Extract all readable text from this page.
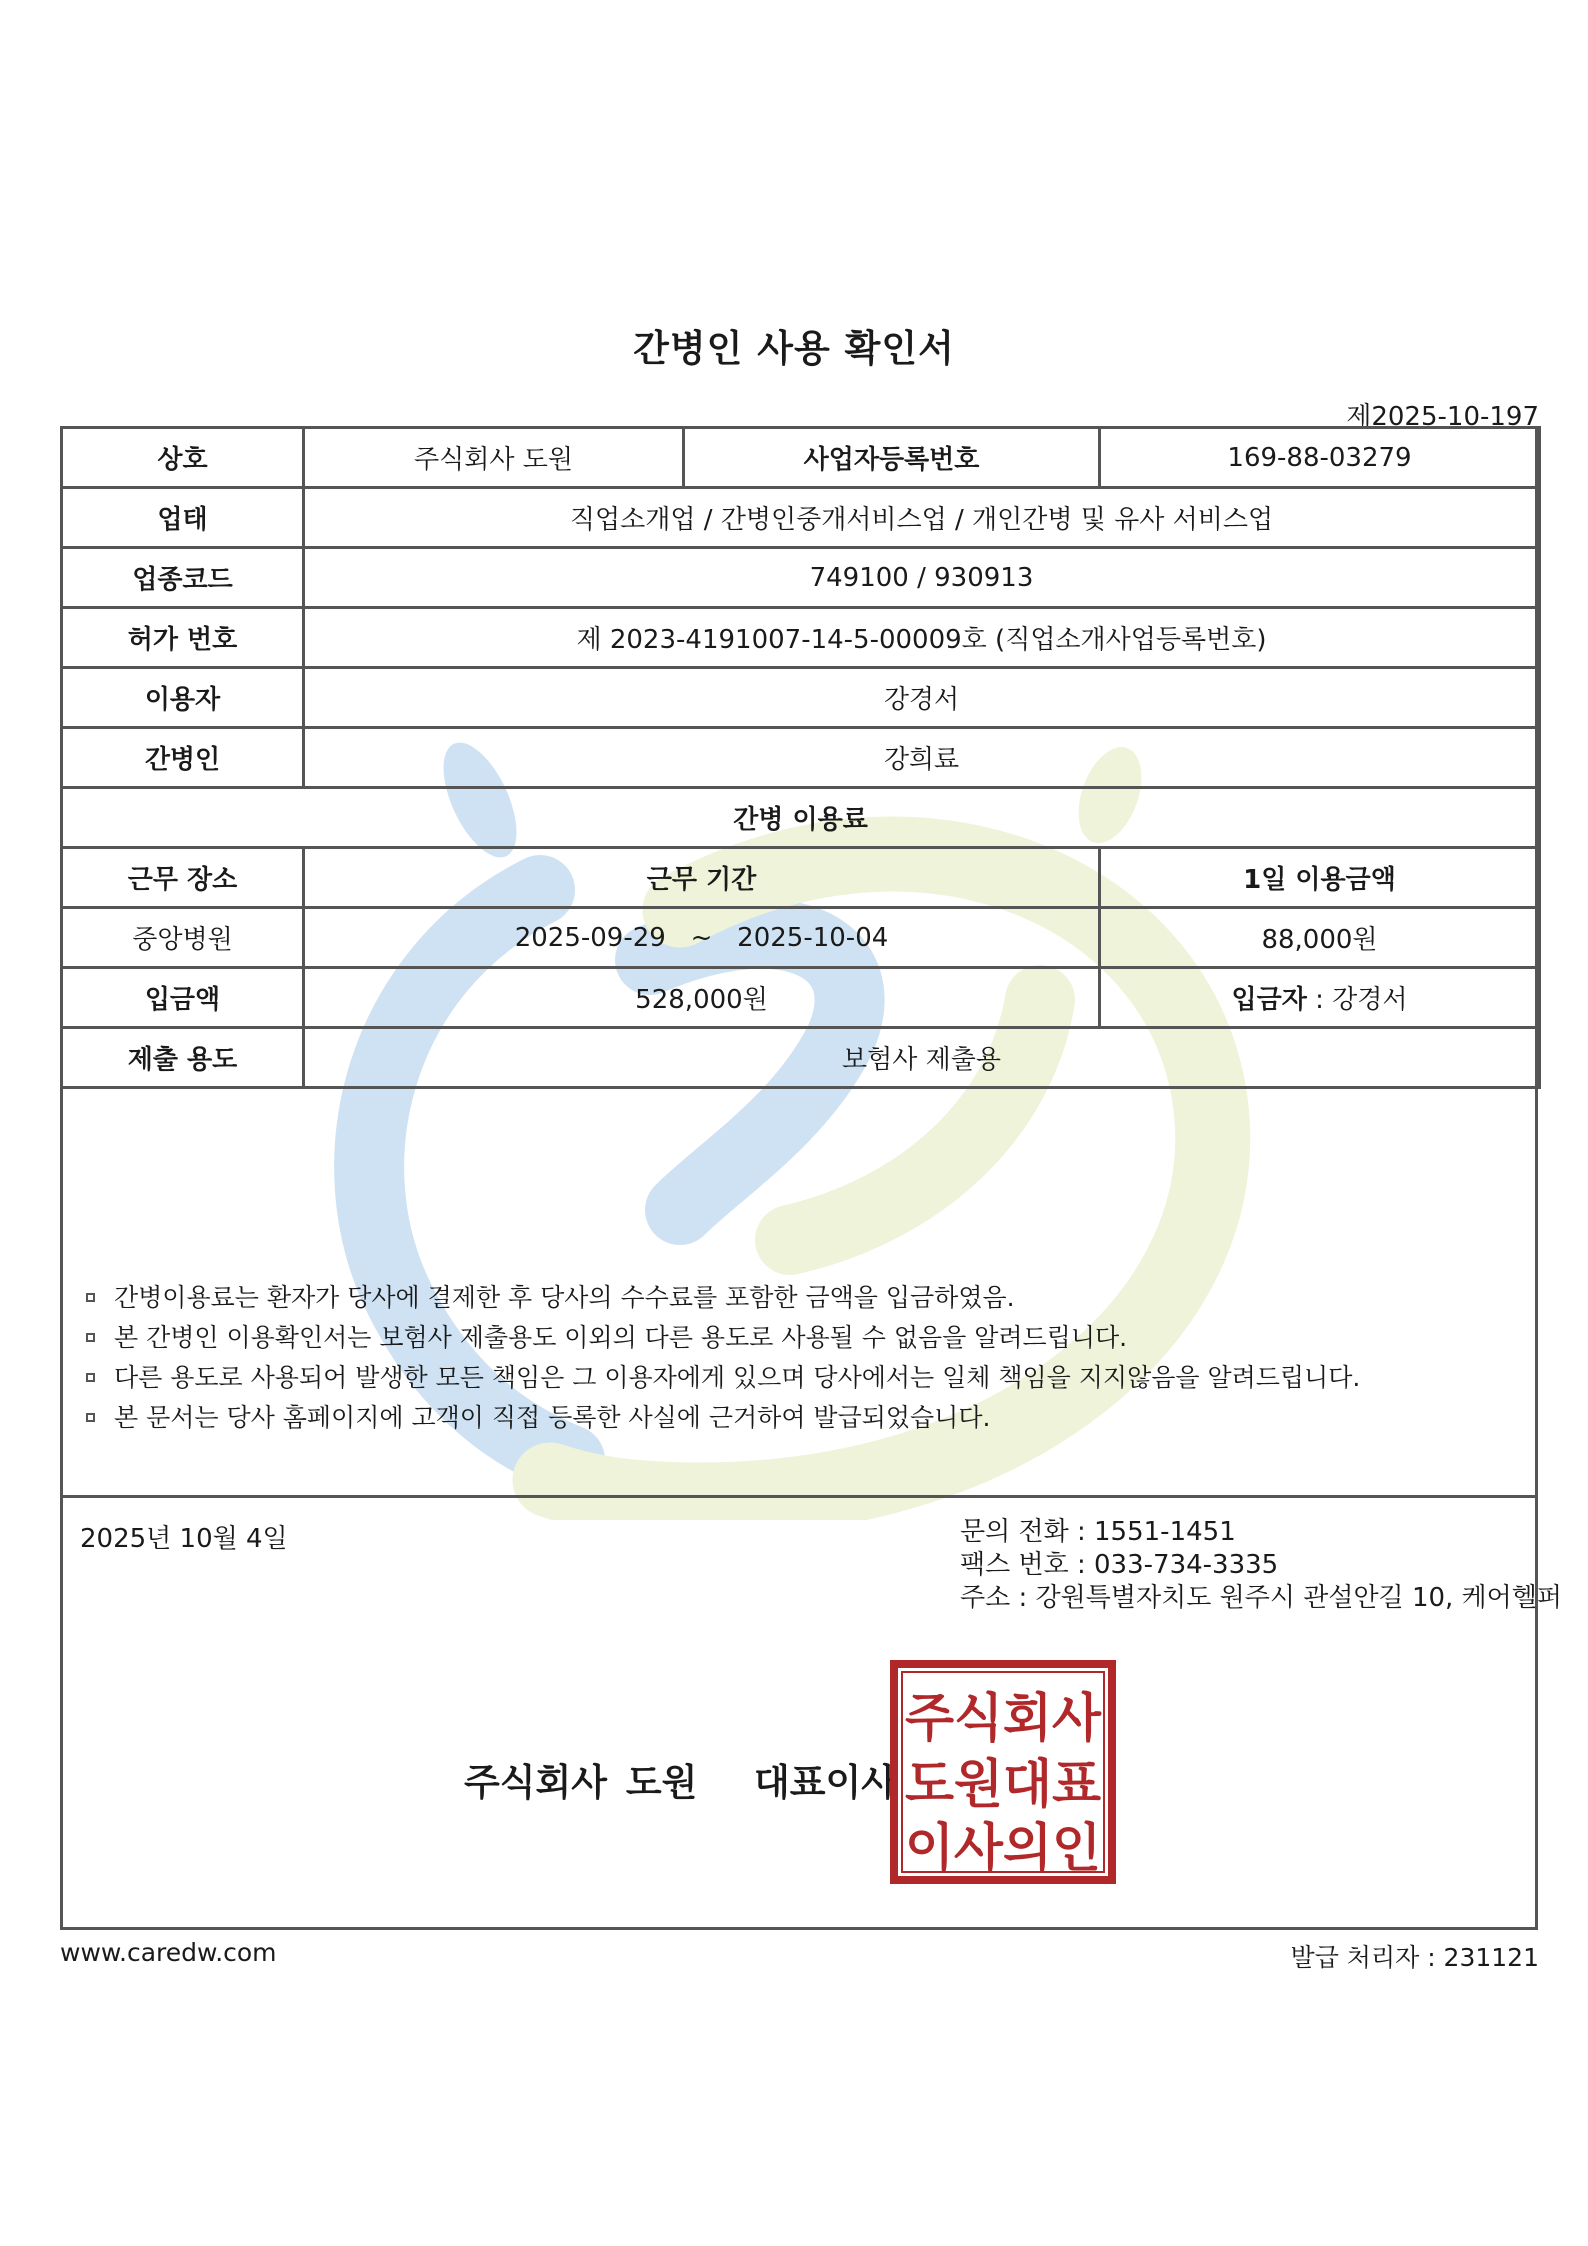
간병인 사용 확인서
제2025-10-197
상호	주식회사 도원	사업자등록번호	169-88-03279
업태	직업소개업 / 간병인중개서비스업 / 개인간병 및 유사 서비스업		
업종코드	749100 / 930913		
허가 번호	제 2023-4191007-14-5-00009호 (직업소개사업등록번호)		
이용자	강경서		
간병인	강희료		
간병 이용료			
근무 장소	근무 기간		1일 이용금액
중앙병원	2025-09-29   ~   2025-10-04		88,000원
입금액	528,000원		입금자 : 강경서
제출 용도	보험사 제출용		
간병이용료는 환자가 당사에 결제한 후 당사의 수수료를 포함한 금액을 입금하였음.
본 간병인 이용확인서는 보험사 제출용도 이외의 다른 용도로 사용될 수 없음을 알려드립니다.
다른 용도로 사용되어 발생한 모든 책임은 그 이용자에게 있으며 당사에서는 일체 책임을 지지않음을 알려드립니다.
본 문서는 당사 홈페이지에 고객이 직접 등록한 사실에 근거하여 발급되었습니다.
2025년 10월 4일	문의 전화 : 1551-1451
팩스 번호 : 033-734-3335
주소 : 강원특별자치도 원주시 관설안길 10, 케어헬퍼
주식회사 도원   대표이사
주식회사
도원대표
이사의인
www.caredw.com	발급 처리자 : 231121
